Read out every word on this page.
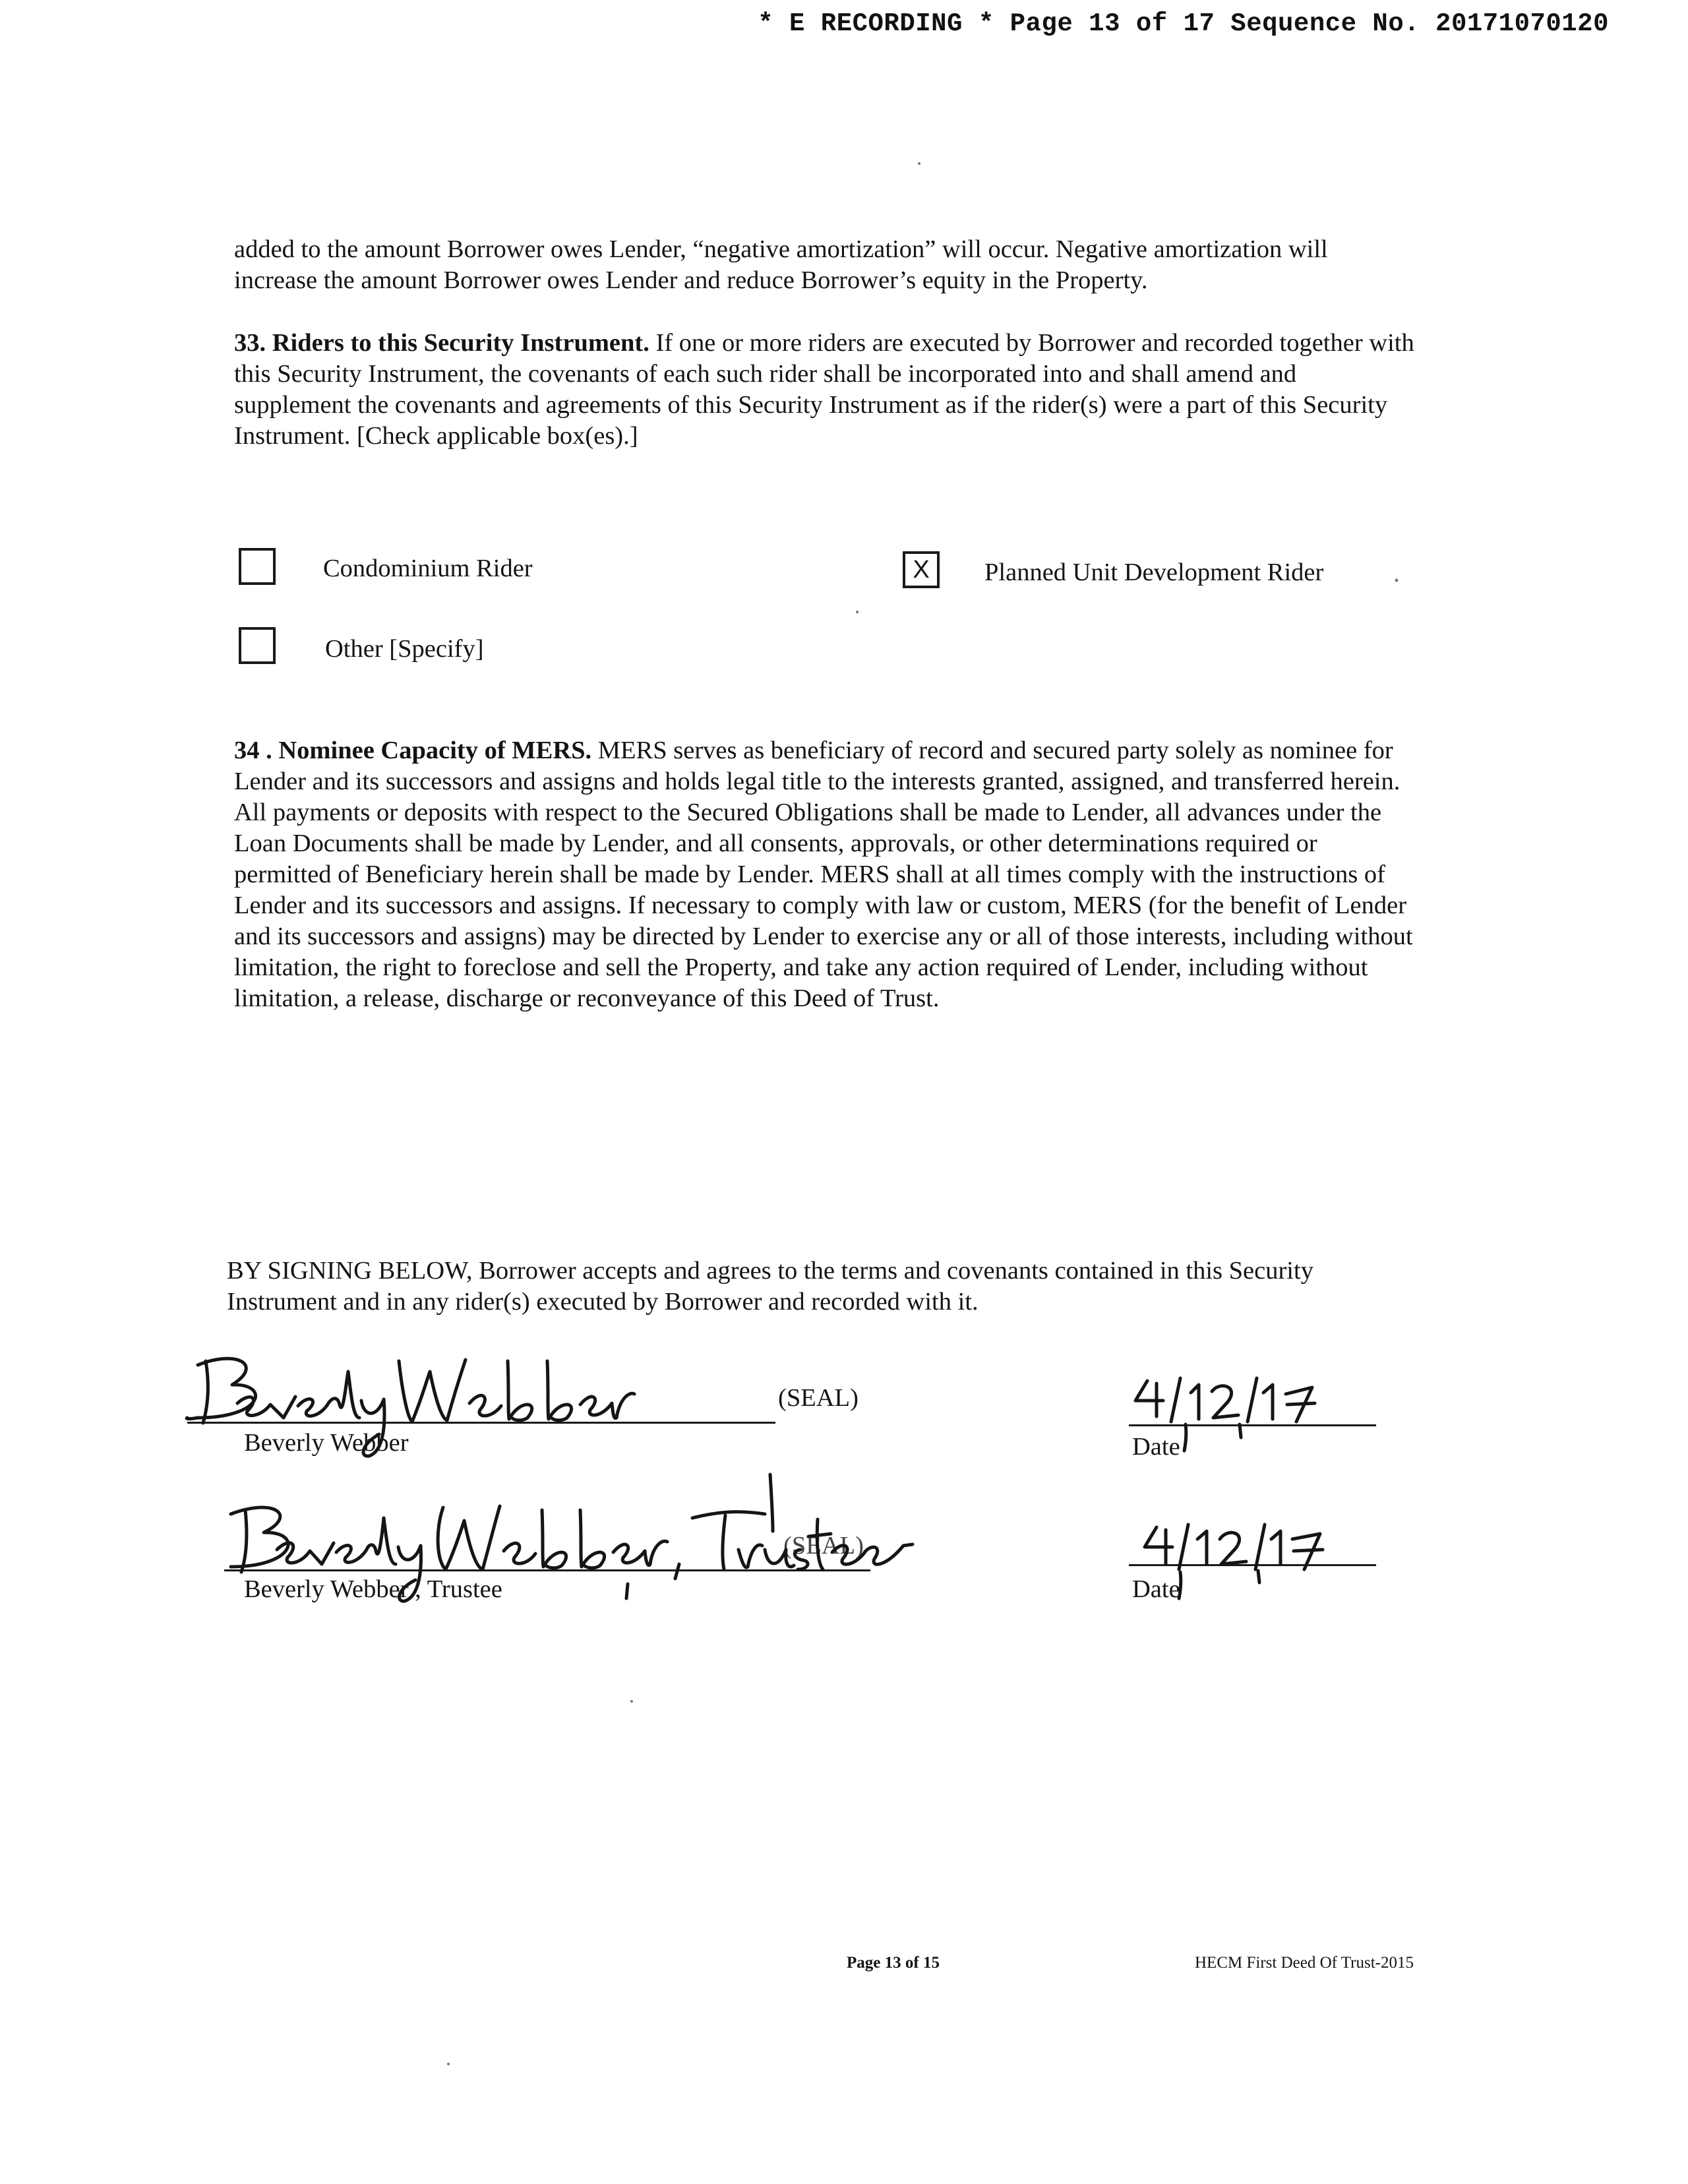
* E RECORDING * Page 13 of 17 Sequence No. 20171070120

added to the amount Borrower owes Lender, “negative amortization” will occur. Negative amortization will increase the amount Borrower owes Lender and reduce Borrower’s equity in the Property.

33. Riders to this Security Instrument. If one or more riders are executed by Borrower and recorded together with this Security Instrument, the covenants of each such rider shall be incorporated into and shall amend and supplement the covenants and agreements of this Security Instrument as if the rider(s) were a part of this Security Instrument. [Check applicable box(es).]

Condominium Rider	X Planned Unit Development Rider
Other [Specify]

34 . Nominee Capacity of MERS. MERS serves as beneficiary of record and secured party solely as nominee for Lender and its successors and assigns and holds legal title to the interests granted, assigned, and transferred herein. All payments or deposits with respect to the Secured Obligations shall be made to Lender, all advances under the Loan Documents shall be made by Lender, and all consents, approvals, or other determinations required or permitted of Beneficiary herein shall be made by Lender. MERS shall at all times comply with the instructions of Lender and its successors and assigns. If necessary to comply with law or custom, MERS (for the benefit of Lender and its successors and assigns) may be directed by Lender to exercise any or all of those interests, including without limitation, the right to foreclose and sell the Property, and take any action required of Lender, including without limitation, a release, discharge or reconveyance of this Deed of Trust.

BY SIGNING BELOW, Borrower accepts and agrees to the terms and covenants contained in this Security Instrument and in any rider(s) executed by Borrower and recorded with it.

(SEAL)
Beverly Webber	Date
(SEAL)
Beverly Webber , Trustee	Date
Page 13 of 15	HECM First Deed Of Trust-2015
